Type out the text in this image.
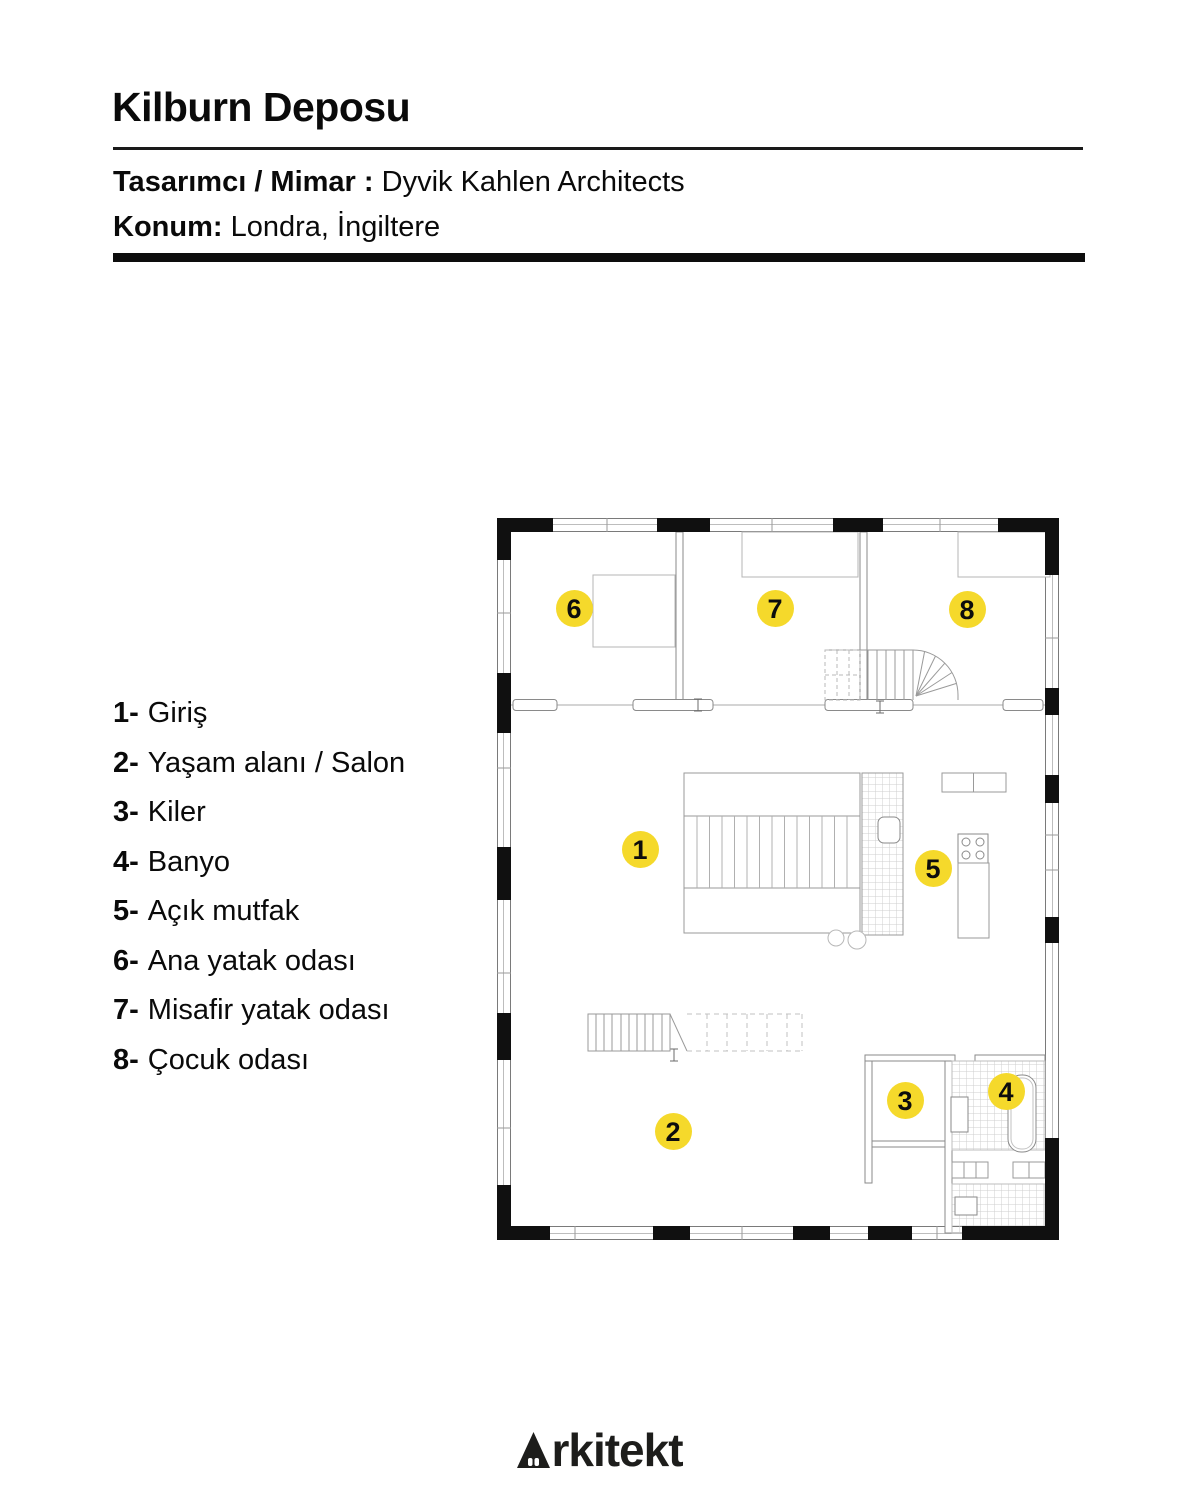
Kilburn Deposu

Tasarımcı / Mimar : Dyvik Kahlen Architects

Konum: Londra, İngiltere

1- Giriş
2- Yaşam alanı / Salon
3- Kiler
4- Banyo
5- Açık mutfak
6- Ana yatak odası
7- Misafir yatak odası
8- Çocuk odası
1
2
3	4
5
6	7	8
rkitekt
